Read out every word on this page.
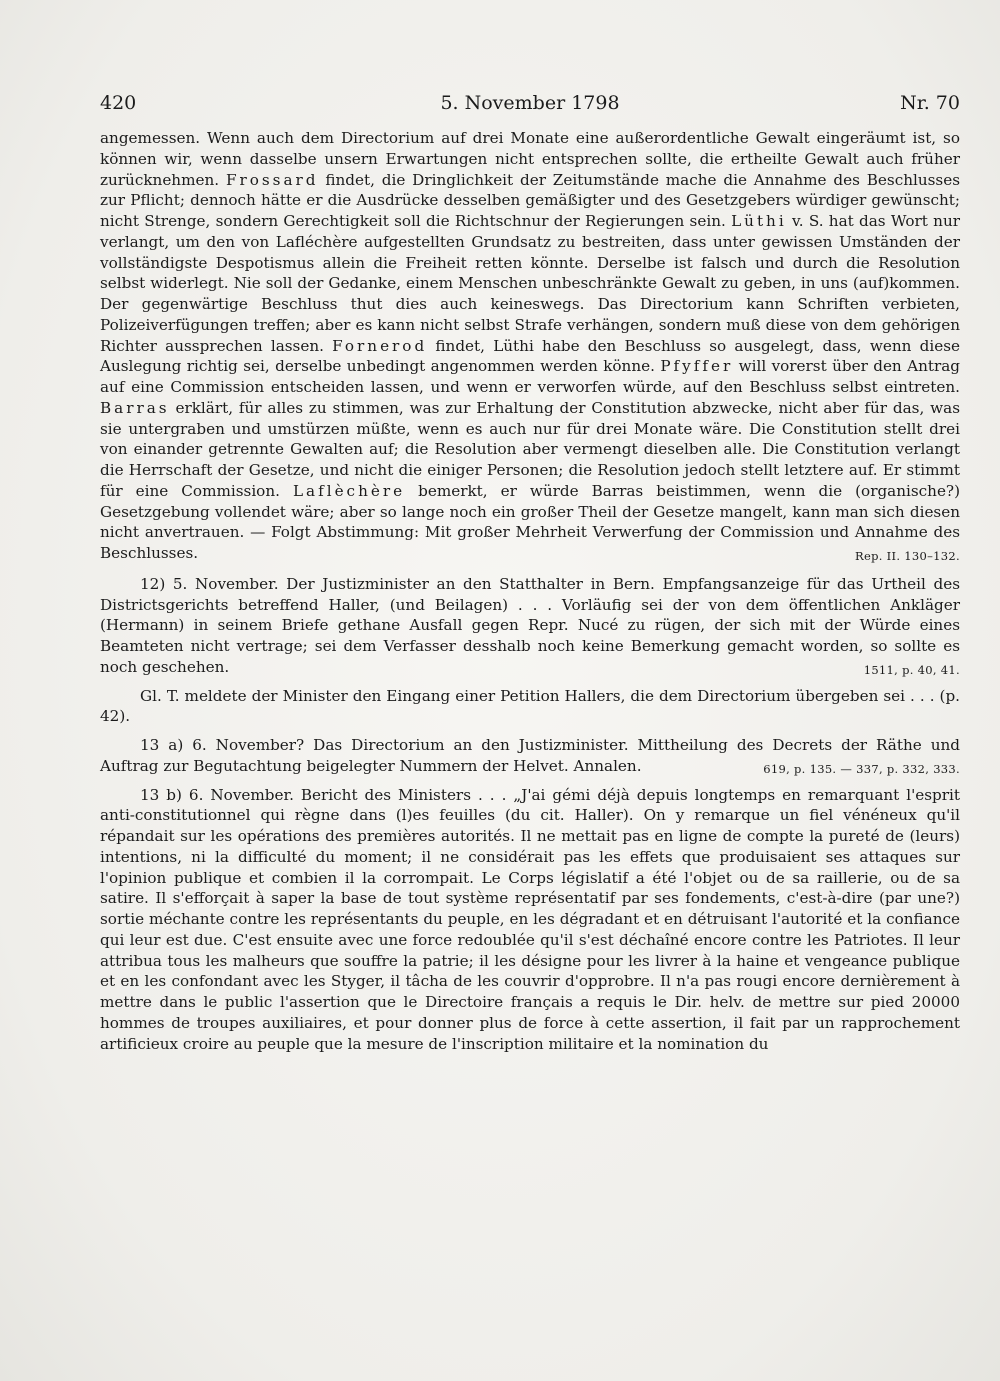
420	5. November 1798	Nr. 70

angemessen. Wenn auch dem Directorium auf drei Monate eine außerordentliche Gewalt eingeräumt ist, so können wir, wenn dasselbe unsern Erwartungen nicht entsprechen sollte, die ertheilte Gewalt auch früher zurücknehmen. Frossard findet, die Dringlichkeit der Zeitumstände mache die Annahme des Beschlusses zur Pflicht; dennoch hätte er die Ausdrücke desselben gemäßigter und des Gesetzgebers würdiger gewünscht; nicht Strenge, sondern Gerechtigkeit soll die Richtschnur der Regierungen sein. Lüthi v. S. hat das Wort nur verlangt, um den von Lafléchère aufgestellten Grundsatz zu bestreiten, dass unter gewissen Umständen der vollständigste Despotismus allein die Freiheit retten könnte. Derselbe ist falsch und durch die Resolution selbst widerlegt. Nie soll der Gedanke, einem Menschen unbeschränkte Gewalt zu geben, in uns (auf)kommen. Der gegenwärtige Beschluss thut dies auch keineswegs. Das Directorium kann Schriften verbieten, Polizeiverfügungen treffen; aber es kann nicht selbst Strafe verhängen, sondern muß diese von dem gehörigen Richter aussprechen lassen. Fornerod findet, Lüthi habe den Beschluss so ausgelegt, dass, wenn diese Auslegung richtig sei, derselbe unbedingt angenommen werden könne. Pfyffer will vorerst über den Antrag auf eine Commission entscheiden lassen, und wenn er verworfen würde, auf den Beschluss selbst eintreten. Barras erklärt, für alles zu stimmen, was zur Erhaltung der Constitution abzwecke, nicht aber für das, was sie untergraben und umstürzen müßte, wenn es auch nur für drei Monate wäre. Die Constitution stellt drei von einander getrennte Gewalten auf; die Resolution aber vermengt dieselben alle. Die Constitution verlangt die Herrschaft der Gesetze, und nicht die einiger Personen; die Resolution jedoch stellt letztere auf. Er stimmt für eine Commission. Laflèchère bemerkt, er würde Barras beistimmen, wenn die (organische?) Gesetzgebung vollendet wäre; aber so lange noch ein großer Theil der Gesetze mangelt, kann man sich diesen nicht anvertrauen. — Folgt Abstimmung: Mit großer Mehrheit Verwerfung der Commission und Annahme des Beschlusses.	Rep. II. 130–132.

12) 5. November. Der Justizminister an den Statthalter in Bern. Empfangsanzeige für das Urtheil des Districtsgerichts betreffend Haller, (und Beilagen) . . . Vorläufig sei der von dem öffentlichen Ankläger (Hermann) in seinem Briefe gethane Ausfall gegen Repr. Nucé zu rügen, der sich mit der Würde eines Beamteten nicht vertrage; sei dem Verfasser desshalb noch keine Bemerkung gemacht worden, so sollte es noch geschehen.	1511, p. 40, 41.

Gl. T. meldete der Minister den Eingang einer Petition Hallers, die dem Directorium übergeben sei . . . (p. 42).

13 a) 6. November? Das Directorium an den Justizminister. Mittheilung des Decrets der Räthe und Auftrag zur Begutachtung beigelegter Nummern der Helvet. Annalen.	619, p. 135. — 337, p. 332, 333.

13 b) 6. November. Bericht des Ministers . . . „J'ai gémi déjà depuis longtemps en remarquant l'esprit anti-constitutionnel qui règne dans (l)es feuilles (du cit. Haller). On y remarque un fiel vénéneux qu'il répandait sur les opérations des premières autorités. Il ne mettait pas en ligne de compte la pureté de (leurs) intentions, ni la difficulté du moment; il ne considérait pas les effets que produisaient ses attaques sur l'opinion publique et combien il la corrompait. Le Corps législatif a été l'objet ou de sa raillerie, ou de sa satire. Il s'efforçait à saper la base de tout système représentatif par ses fondements, c'est-à-dire (par une?) sortie méchante contre les représentants du peuple, en les dégradant et en détruisant l'autorité et la confiance qui leur est due. C'est ensuite avec une force redoublée qu'il s'est déchaîné encore contre les Patriotes. Il leur attribua tous les malheurs que souffre la patrie; il les désigne pour les livrer à la haine et vengeance publique et en les confondant avec les Styger, il tâcha de les couvrir d'opprobre. Il n'a pas rougi encore dernièrement à mettre dans le public l'assertion que le Directoire français a requis le Dir. helv. de mettre sur pied 20000 hommes de troupes auxiliaires, et pour donner plus de force à cette assertion, il fait par un rapprochement artificieux croire au peuple que la mesure de l'inscription militaire et la nomination du
